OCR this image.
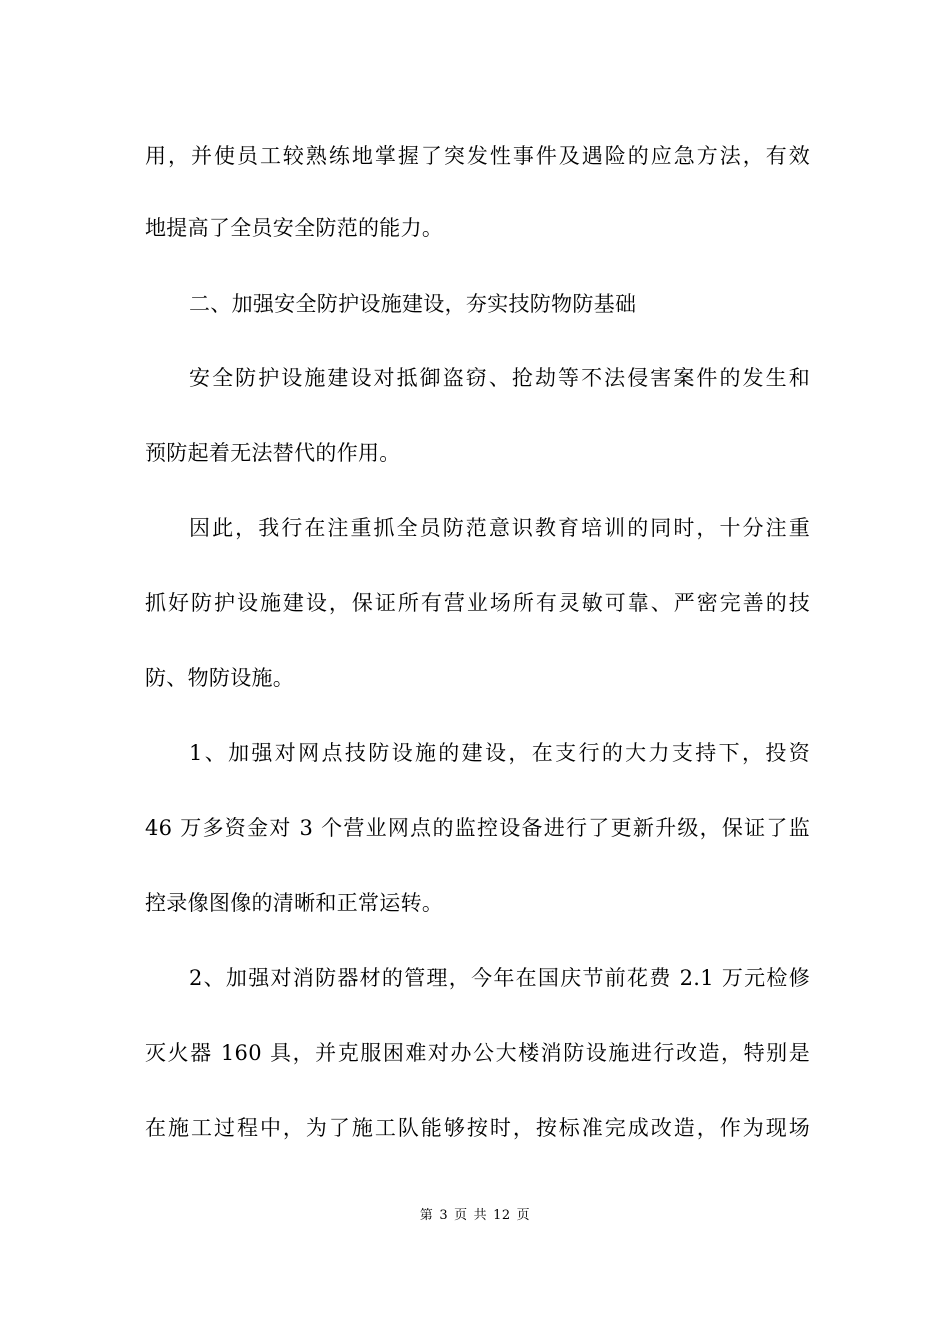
用，并使员工较熟练地掌握了突发性事件及遇险的应急方法，有效
地提高了全员安全防范的能力。
二、加强安全防护设施建设，夯实技防物防基础
安全防护设施建设对抵御盗窃、抢劫等不法侵害案件的发生和
预防起着无法替代的作用。
因此，我行在注重抓全员防范意识教育培训的同时，十分注重
抓好防护设施建设，保证所有营业场所有灵敏可靠、严密完善的技
防、物防设施。
1、加强对网点技防设施的建设，在支行的大力支持下，投资
46 万多资金对 3 个营业网点的监控设备进行了更新升级，保证了监
控录像图像的清晰和正常运转。
2、加强对消防器材的管理，今年在国庆节前花费 2.1 万元检修
灭火器 160 具，并克服困难对办公大楼消防设施进行改造，特别是
在施工过程中，为了施工队能够按时，按标准完成改造，作为现场
第 3 页 共 12 页
